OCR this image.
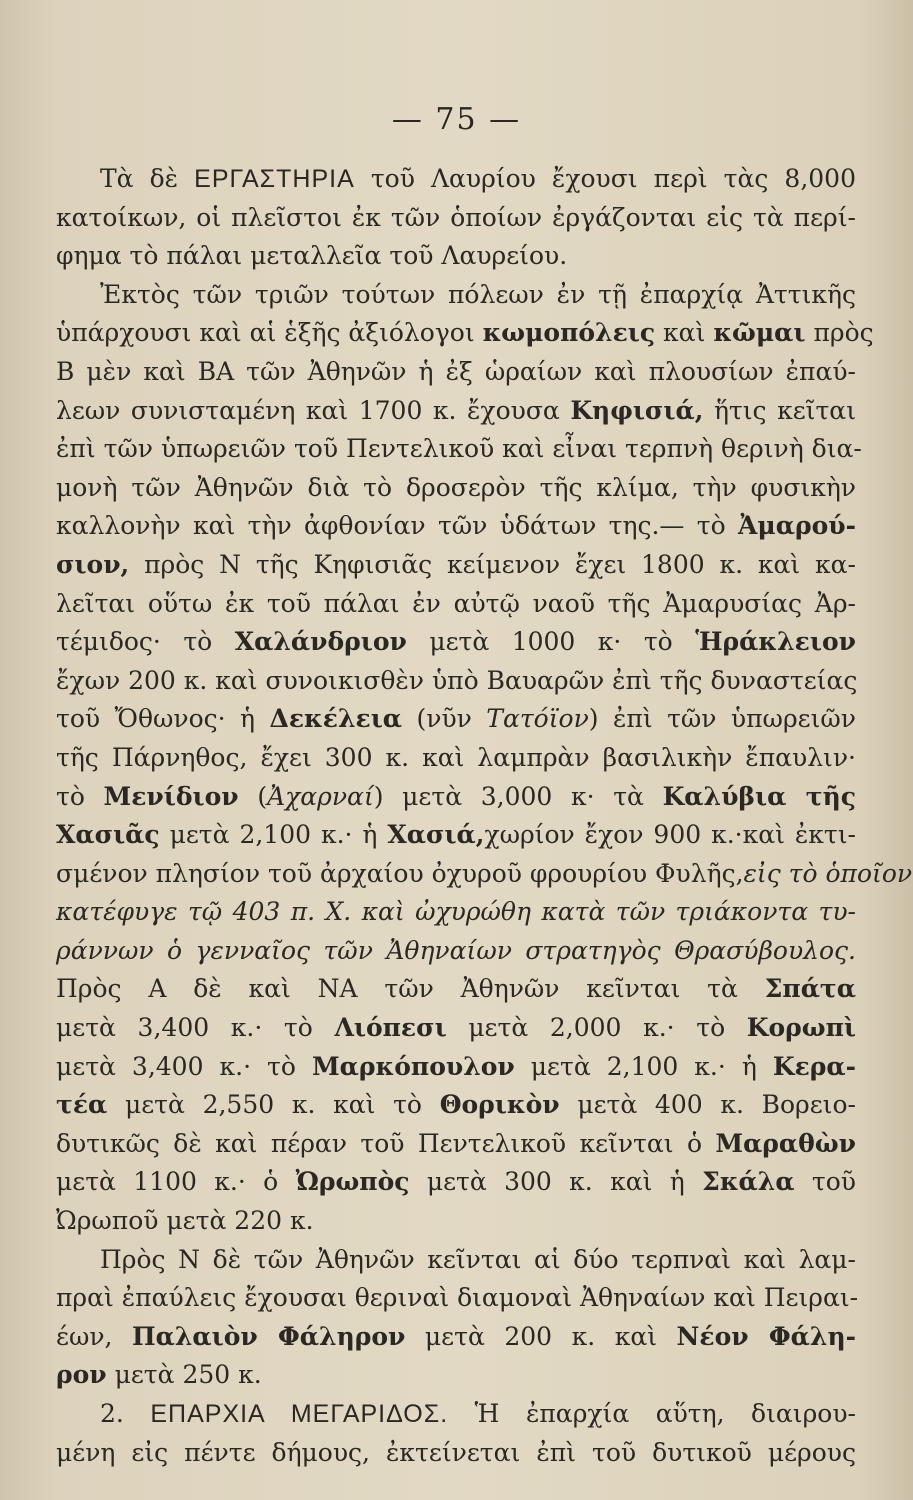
— 75 —
Τὰ δὲ ΕΡΓΑΣΤΗΡΙΑ τοῦ Λαυρίου ἔχουσι περὶ τὰς 8,000
κατοίκων, οἱ πλεῖστοι ἐκ τῶν ὁποίων ἐργάζονται εἰς τὰ περί-
φημα τὸ πάλαι μεταλλεῖα τοῦ Λαυρείου.
Ἐκτὸς τῶν τριῶν τούτων πόλεων ἐν τῇ ἐπαρχίᾳ Ἀττικῆς
ὑπάρχουσι καὶ αἱ ἑξῆς ἀξιόλογοι κωμοπόλεις καὶ κῶμαι πρὸς
Β μὲν καὶ ΒΑ τῶν Ἀθηνῶν ἡ ἐξ ὡραίων καὶ πλουσίων ἐπαύ-
λεων συνισταμένη καὶ 1700 κ. ἔχουσα Κηφισιά, ἥτις κεῖται
ἐπὶ τῶν ὑπωρειῶν τοῦ Πεντελικοῦ καὶ εἶναι τερπνὴ θερινὴ δια-
μονὴ τῶν Ἀθηνῶν διὰ τὸ δροσερὸν τῆς κλίμα, τὴν φυσικὴν
καλλονὴν καὶ τὴν ἀφθονίαν τῶν ὑδάτων της.— τὸ Ἀμαρού-
σιον, πρὸς Ν τῆς Κηφισιᾶς κείμενον ἔχει 1800 κ. καὶ κα-
λεῖται οὕτω ἐκ τοῦ πάλαι ἐν αὐτῷ ναοῦ τῆς Ἀμαρυσίας Ἀρ-
τέμιδος· τὸ Χαλάνδριον μετὰ 1000 κ· τὸ Ἡράκλειον
ἔχων 200 κ. καὶ συνοικισθὲν ὑπὸ Βαυαρῶν ἐπὶ τῆς δυναστείας
τοῦ Ὄθωνος· ἡ Δεκέλεια (νῦν Τατόϊον) ἐπὶ τῶν ὑπωρειῶν
τῆς Πάρνηθος, ἔχει 300 κ. καὶ λαμπρὰν βασιλικὴν ἔπαυλιν·
τὸ Μενίδιον (Ἀχαρναί) μετὰ 3,000 κ· τὰ Καλύβια τῆς
Χασιᾶς μετὰ 2,100 κ.· ἡ Χασιά,χωρίον ἔχον 900 κ.·καὶ ἐκτι-
σμένον πλησίον τοῦ ἀρχαίου ὀχυροῦ φρουρίου Φυλῆς,εἰς τὸ ὁποῖον
κατέφυγε τῷ 403 π. Χ. καὶ ὠχυρώθη κατὰ τῶν τριάκοντα τυ-
ράννων ὁ γενναῖος τῶν Ἀθηναίων στρατηγὸς Θρασύβουλος.
Πρὸς Α δὲ καὶ ΝΑ τῶν Ἀθηνῶν κεῖνται τὰ Σπάτα
μετὰ 3,400 κ.· τὸ Λιόπεσι μετὰ 2,000 κ.· τὸ Κορωπὶ
μετὰ 3,400 κ.· τὸ Μαρκόπουλον μετὰ 2,100 κ.· ἡ Κερα-
τέα μετὰ 2,550 κ. καὶ τὸ Θορικὸν μετὰ 400 κ. Βορειο-
δυτικῶς δὲ καὶ πέραν τοῦ Πεντελικοῦ κεῖνται ὁ Μαραθὼν
μετὰ 1100 κ.· ὁ Ὠρωπὸς μετὰ 300 κ. καὶ ἡ Σκάλα τοῦ
Ὠρωποῦ μετὰ 220 κ.
Πρὸς Ν δὲ τῶν Ἀθηνῶν κεῖνται αἱ δύο τερπναὶ καὶ λαμ-
πραὶ ἐπαύλεις ἔχουσαι θεριναὶ διαμοναὶ Ἀθηναίων καὶ Πειραι-
έων, Παλαιὸν Φάληρον μετὰ 200 κ. καὶ Νέον Φάλη-
ρον μετὰ 250 κ.
2. ΕΠΑΡΧΙΑ ΜΕΓΑΡΙΔΟΣ. Ἡ ἐπαρχία αὕτη, διαιρου-
μένη εἰς πέντε δήμους, ἐκτείνεται ἐπὶ τοῦ δυτικοῦ μέρους
